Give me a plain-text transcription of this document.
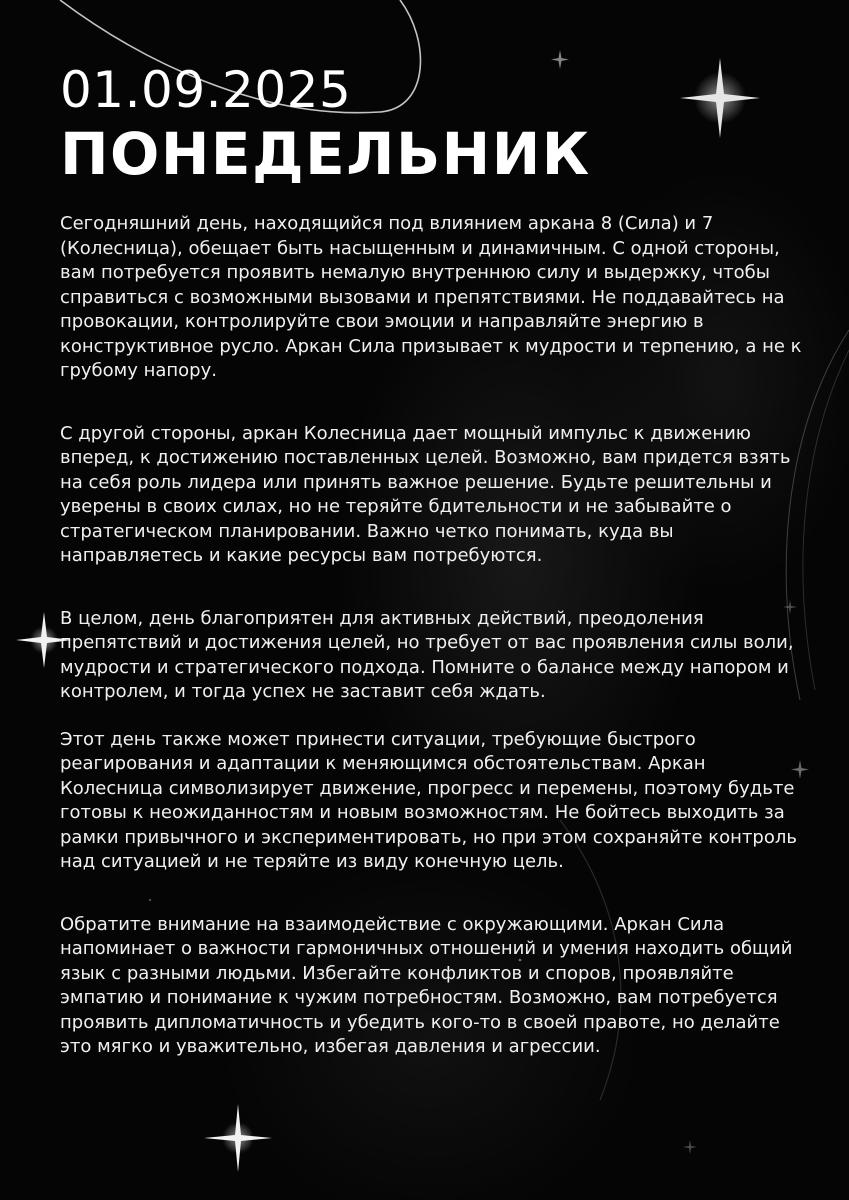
01.09.2025
ПОНЕДЕЛЬНИК

Сегодняшний день, находящийся под влиянием аркана 8 (Сила) и 7 (Колесница), обещает быть насыщенным и динамичным. С одной стороны, вам потребуется проявить немалую внутреннюю силу и выдержку, чтобы справиться с возможными вызовами и препятствиями. Не поддавайтесь на провокации, контролируйте свои эмоции и направляйте энергию в конструктивное русло. Аркан Сила призывает к мудрости и терпению, а не к грубому напору.

С другой стороны, аркан Колесница дает мощный импульс к движению вперед, к достижению поставленных целей. Возможно, вам придется взять на себя роль лидера или принять важное решение. Будьте решительны и уверены в своих силах, но не теряйте бдительности и не забывайте о стратегическом планировании. Важно четко понимать, куда вы направляетесь и какие ресурсы вам потребуются.

В целом, день благоприятен для активных действий, преодоления препятствий и достижения целей, но требует от вас проявления силы воли, мудрости и стратегического подхода. Помните о балансе между напором и контролем, и тогда успех не заставит себя ждать.

Этот день также может принести ситуации, требующие быстрого реагирования и адаптации к меняющимся обстоятельствам. Аркан Колесница символизирует движение, прогресс и перемены, поэтому будьте готовы к неожиданностям и новым возможностям. Не бойтесь выходить за рамки привычного и экспериментировать, но при этом сохраняйте контроль над ситуацией и не теряйте из виду конечную цель.

Обратите внимание на взаимодействие с окружающими. Аркан Сила напоминает о важности гармоничных отношений и умения находить общий язык с разными людьми. Избегайте конфликтов и споров, проявляйте эмпатию и понимание к чужим потребностям. Возможно, вам потребуется проявить дипломатичность и убедить кого-то в своей правоте, но делайте это мягко и уважительно, избегая давления и агрессии.
